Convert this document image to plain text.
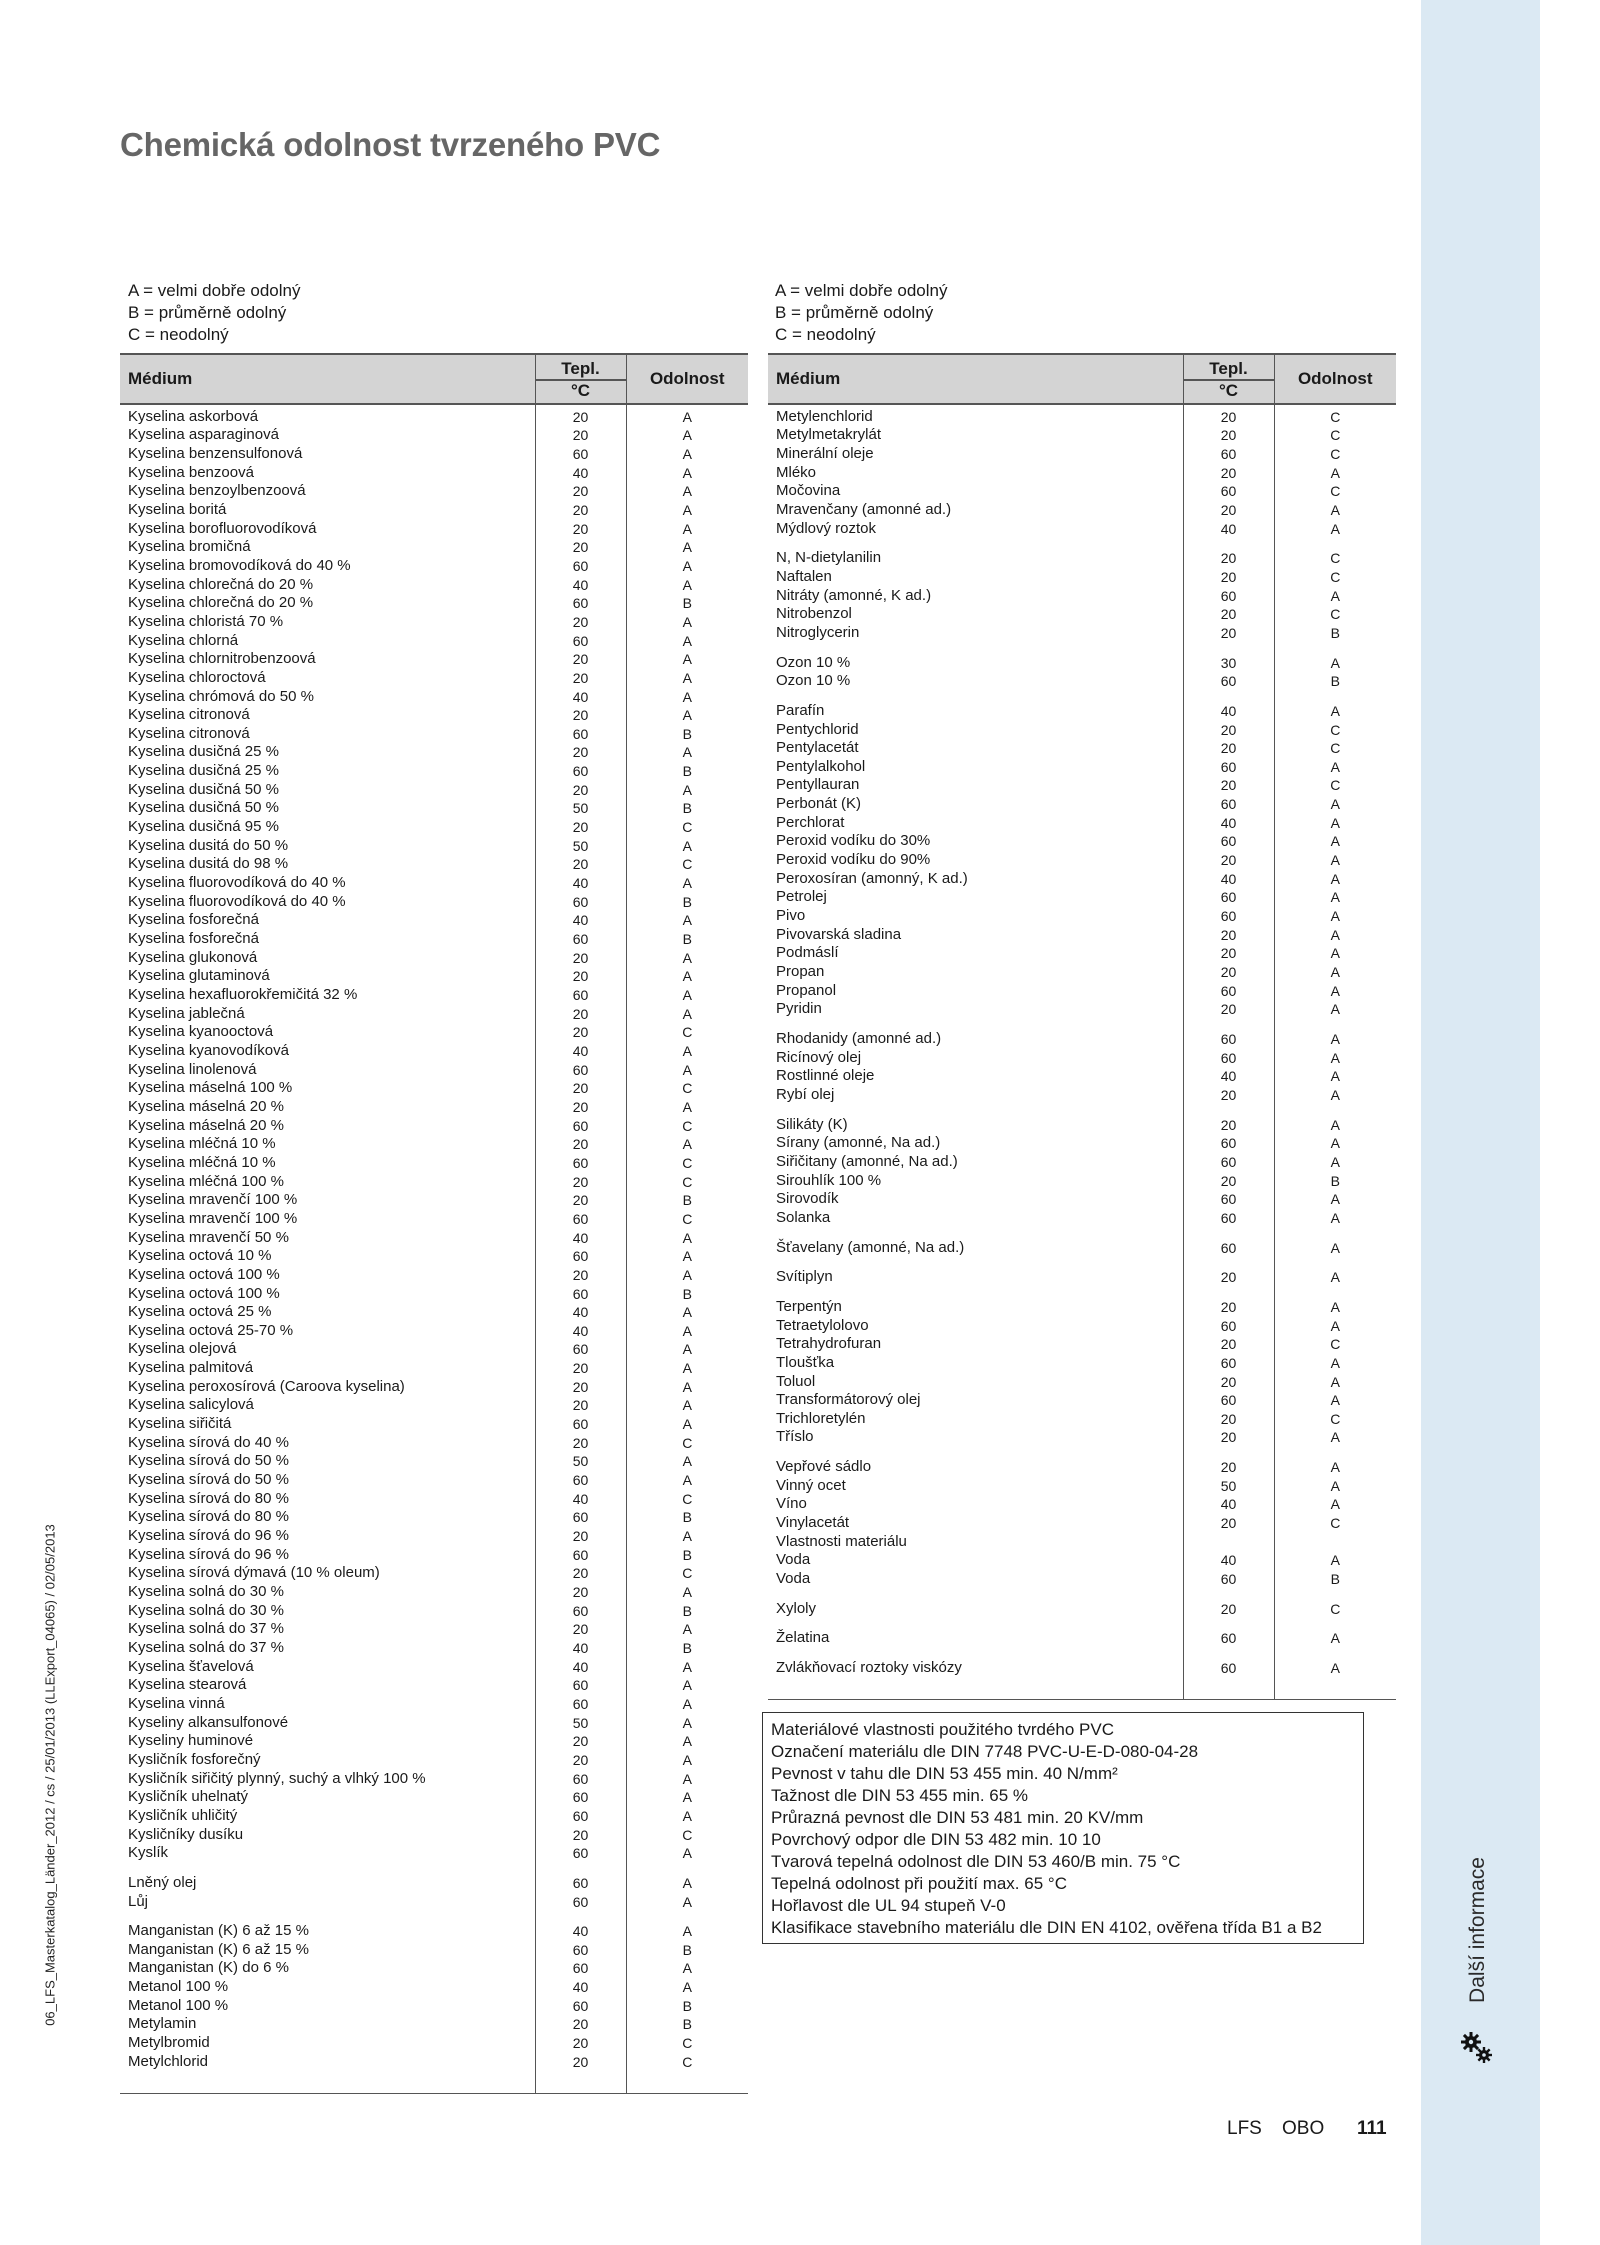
Další informace
Chemická odolnost tvrzeného PVC
06_LFS_Masterkatalog_Länder_2012 / cs / 25/01/2013 (LLExport_04065) / 02/05/2013
A = velmi dobře odolný
B = průměrně odolný
C = neodolný
A = velmi dobře odolný
B = průměrně odolný
C = neodolný
Médium	Tepl.	Odolnost
	°C	
Kyselina askorbová	20	A
Kyselina asparaginová	20	A
Kyselina benzensulfonová	60	A
Kyselina benzoová	40	A
Kyselina benzoylbenzoová	20	A
Kyselina boritá	20	A
Kyselina borofluorovodíková	20	A
Kyselina bromičná	20	A
Kyselina bromovodíková do 40 %	60	A
Kyselina chlorečná do 20 %	40	A
Kyselina chlorečná do 20 %	60	B
Kyselina chloristá 70 %	20	A
Kyselina chlorná	60	A
Kyselina chlornitrobenzoová	20	A
Kyselina chloroctová	20	A
Kyselina chrómová do 50 %	40	A
Kyselina citronová	20	A
Kyselina citronová	60	B
Kyselina dusičná 25 %	20	A
Kyselina dusičná 25 %	60	B
Kyselina dusičná 50 %	20	A
Kyselina dusičná 50 %	50	B
Kyselina dusičná 95 %	20	C
Kyselina dusitá do 50 %	50	A
Kyselina dusitá do 98 %	20	C
Kyselina fluorovodíková do 40 %	40	A
Kyselina fluorovodíková do 40 %	60	B
Kyselina fosforečná	40	A
Kyselina fosforečná	60	B
Kyselina glukonová	20	A
Kyselina glutaminová	20	A
Kyselina hexafluorokřemičitá 32 %	60	A
Kyselina jablečná	20	A
Kyselina kyanooctová	20	C
Kyselina kyanovodíková	40	A
Kyselina linolenová	60	A
Kyselina máselná 100 %	20	C
Kyselina máselná 20 %	20	A
Kyselina máselná 20 %	60	C
Kyselina mléčná 10 %	20	A
Kyselina mléčná 10 %	60	C
Kyselina mléčná 100 %	20	C
Kyselina mravenčí 100 %	20	B
Kyselina mravenčí 100 %	60	C
Kyselina mravenčí 50 %	40	A
Kyselina octová 10 %	60	A
Kyselina octová 100 %	20	A
Kyselina octová 100 %	60	B
Kyselina octová 25 %	40	A
Kyselina octová 25-70 %	40	A
Kyselina olejová	60	A
Kyselina palmitová	20	A
Kyselina peroxosírová (Caroova kyselina)	20	A
Kyselina salicylová	20	A
Kyselina siřičitá	60	A
Kyselina sírová do 40 %	20	C
Kyselina sírová do 50 %	50	A
Kyselina sírová do 50 %	60	A
Kyselina sírová do 80 %	40	C
Kyselina sírová do 80 %	60	B
Kyselina sírová do 96 %	20	A
Kyselina sírová do 96 %	60	B
Kyselina sírová dýmavá (10 % oleum)	20	C
Kyselina solná do 30 %	20	A
Kyselina solná do 30 %	60	B
Kyselina solná do 37 %	20	A
Kyselina solná do 37 %	40	B
Kyselina šťavelová	40	A
Kyselina stearová	60	A
Kyselina vinná	60	A
Kyseliny alkansulfonové	50	A
Kyseliny huminové	20	A
Kysličník fosforečný	20	A
Kysličník siřičitý plynný, suchý a vlhký 100 %	60	A
Kysličník uhelnatý	60	A
Kysličník uhličitý	60	A
Kysličníky dusíku	20	C
Kyslík	60	A

Lněný olej	60	A
Lůj	60	A

Manganistan (K) 6 až 15 %	40	A
Manganistan (K) 6 až 15 %	60	B
Manganistan (K) do 6 %	60	A
Metanol 100 %	40	A
Metanol 100 %	60	B
Metylamin	20	B
Metylbromid	20	C
Metylchlorid	20	C

Médium	Tepl.	Odolnost
	°C	
Metylenchlorid	20	C
Metylmetakrylát	20	C
Minerální oleje	60	C
Mléko	20	A
Močovina	60	C
Mravenčany (amonné ad.)	20	A
Mýdlový roztok	40	A

N, N-dietylanilin	20	C
Naftalen	20	C
Nitráty (amonné, K ad.)	60	A
Nitrobenzol	20	C
Nitroglycerin	20	B

Ozon 10 %	30	A
Ozon 10 %	60	B

Parafín	40	A
Pentychlorid	20	C
Pentylacetát	20	C
Pentylalkohol	60	A
Pentyllauran	20	C
Perbonát (K)	60	A
Perchlorat	40	A
Peroxid vodíku do 30%	60	A
Peroxid vodíku do 90%	20	A
Peroxosíran (amonný, K ad.)	40	A
Petrolej	60	A
Pivo	60	A
Pivovarská sladina	20	A
Podmáslí	20	A
Propan	20	A
Propanol	60	A
Pyridin	20	A

Rhodanidy (amonné ad.)	60	A
Ricínový olej	60	A
Rostlinné oleje	40	A
Rybí olej	20	A

Silikáty (K)	20	A
Sírany (amonné, Na ad.)	60	A
Siřičitany (amonné, Na ad.)	60	A
Sirouhlík 100 %	20	B
Sirovodík	60	A
Solanka	60	A

Šťavelany (amonné, Na ad.)	60	A

Svítiplyn	20	A

Terpentýn	20	A
Tetraetylolovo	60	A
Tetrahydrofuran	20	C
Tloušťka	60	A
Toluol	20	A
Transformátorový olej	60	A
Trichloretylén	20	C
Tříslo	20	A

Vepřové sádlo	20	A
Vinný ocet	50	A
Víno	40	A
Vinylacetát	20	C
Vlastnosti materiálu		
Voda	40	A
Voda	60	B

Xyloly	20	C

Želatina	60	A

Zvlákňovací roztoky viskózy	60	A

Materiálové vlastnosti použitého tvrdého PVC
Označení materiálu dle DIN 7748 PVC-U-E-D-080-04-28
Pevnost v tahu dle DIN 53 455 min. 40 N/mm²
Tažnost dle DIN 53 455 min. 65 %
Průrazná pevnost dle DIN 53 481 min. 20 KV/mm
Povrchový odpor dle DIN 53 482 min. 10 10
Tvarová tepelná odolnost dle DIN 53 460/B min. 75 °C
Tepelná odolnost při použití max. 65 °C
Hořlavost dle UL 94 stupeň V-0
Klasifikace stavebního materiálu dle DIN EN 4102, ověřena třída B1 a B2
LFS OBO 111
